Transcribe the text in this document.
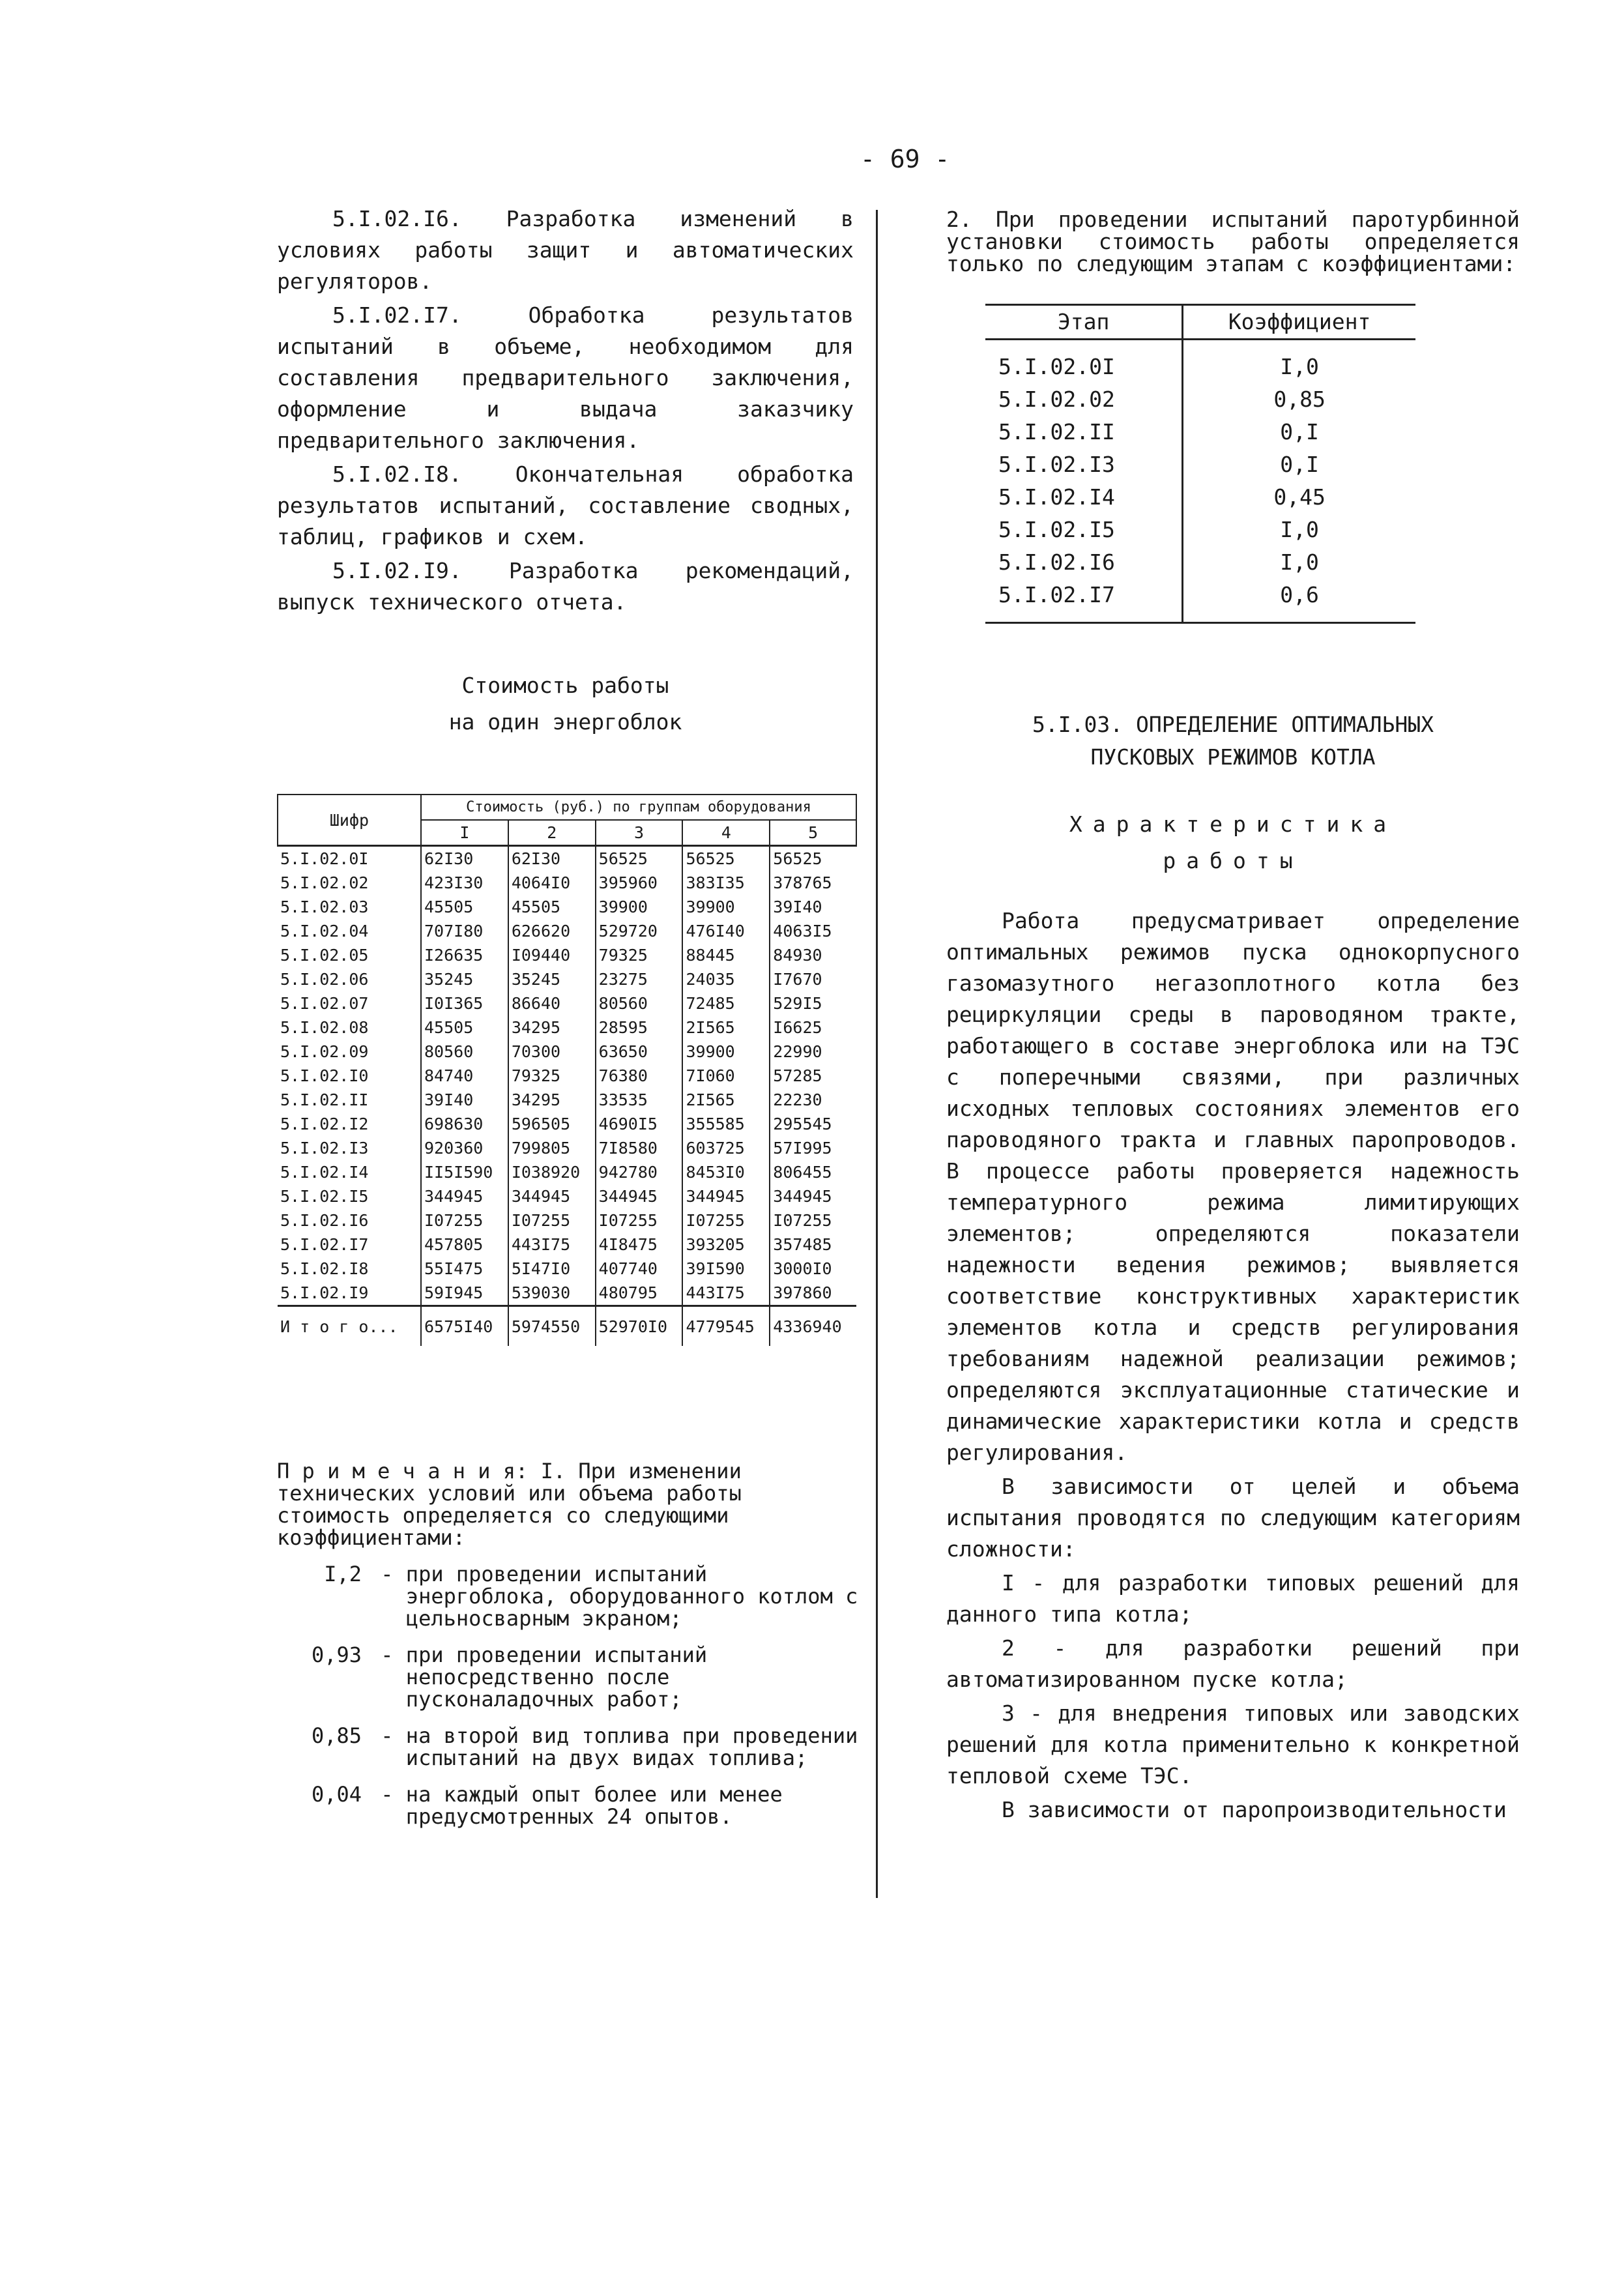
- 69 -

5.I.02.I6. Разработка изменений в условиях работы защит и автоматических регуляторов.

5.I.02.I7. Обработка результатов испытаний в объеме, необходимом для составления предварительного заключения, оформление и выдача заказчику предварительного заключения.

5.I.02.I8. Окончательная обработка результатов испытаний, составление сводных, таблиц, графиков и схем.

5.I.02.I9. Разработка рекомендаций, выпуск технического отчета.

Стоимость работы

на один энергоблок

Шифр	Стоимость (руб.) по группам оборудования				
	I	2	3	4	5
5.I.02.0I	62I30	62I30	56525	56525	56525
5.I.02.02	423I30	4064I0	395960	383I35	378765
5.I.02.03	45505	45505	39900	39900	39I40
5.I.02.04	707I80	626620	529720	476I40	4063I5
5.I.02.05	I26635	I09440	79325	88445	84930
5.I.02.06	35245	35245	23275	24035	I7670
5.I.02.07	I0I365	86640	80560	72485	529I5
5.I.02.08	45505	34295	28595	2I565	I6625
5.I.02.09	80560	70300	63650	39900	22990
5.I.02.I0	84740	79325	76380	7I060	57285
5.I.02.II	39I40	34295	33535	2I565	22230
5.I.02.I2	698630	596505	4690I5	355585	295545
5.I.02.I3	920360	799805	7I8580	603725	57I995
5.I.02.I4	II5I590	I038920	942780	8453I0	806455
5.I.02.I5	344945	344945	344945	344945	344945
5.I.02.I6	I07255	I07255	I07255	I07255	I07255
5.I.02.I7	457805	443I75	4I8475	393205	357485
5.I.02.I8	55I475	5I47I0	407740	39I590	3000I0
5.I.02.I9	59I945	539030	480795	443I75	397860
И т о г о...	6575I40	5974550	52970I0	4779545	4336940
П р и м е ч а н и я: I. При изменении технических условий или объема работы стоимость определяется со следующими коэффициентами:
I,2 - при проведении испытаний энергоблока, оборудованного котлом с цельносварным экраном;
0,93 - при проведении испытаний непосредственно после пусконаладочных работ;
0,85 - на второй вид топлива при проведении испытаний на двух видах топлива;
0,04 - на каждый опыт более или менее предусмотренных 24 опытов.

2. При проведении испытаний паротурбинной установки стоимость работы определяется только по следующим этапам с коэффициентами:

Этап	Коэффициент
5.I.02.0I	I,0
5.I.02.02	0,85
5.I.02.II	0,I
5.I.02.I3	0,I
5.I.02.I4	0,45
5.I.02.I5	I,0
5.I.02.I6	I,0
5.I.02.I7	0,6
5.I.03. ОПРЕДЕЛЕНИЕ ОПТИМАЛЬНЫХ
ПУСКОВЫХ РЕЖИМОВ КОТЛА
Характеристика
работы

Работа предусматривает определение оптимальных режимов пуска однокорпусного газомазутного негазоплотного котла без рециркуляции среды в пароводяном тракте, работающего в составе энергоблока или на ТЭС с поперечными связями, при различных исходных тепловых состояниях элементов его пароводяного тракта и главных паропроводов. В процессе работы проверяется надежность температурного режима лимитирующих элементов; определяются показатели надежности ведения режимов; выявляется соответствие конструктивных характеристик элементов котла и средств регулирования требованиям надежной реализации режимов; определяются эксплуатационные статические и динамические характеристики котла и средств регулирования.

В зависимости от целей и объема испытания проводятся по следующим категориям сложности:

I - для разработки типовых решений для данного типа котла;

2 - для разработки решений при автоматизированном пуске котла;

3 - для внедрения типовых или заводских решений для котла применительно к конкретной тепловой схеме ТЭС.

В зависимости от паропроизводительности
